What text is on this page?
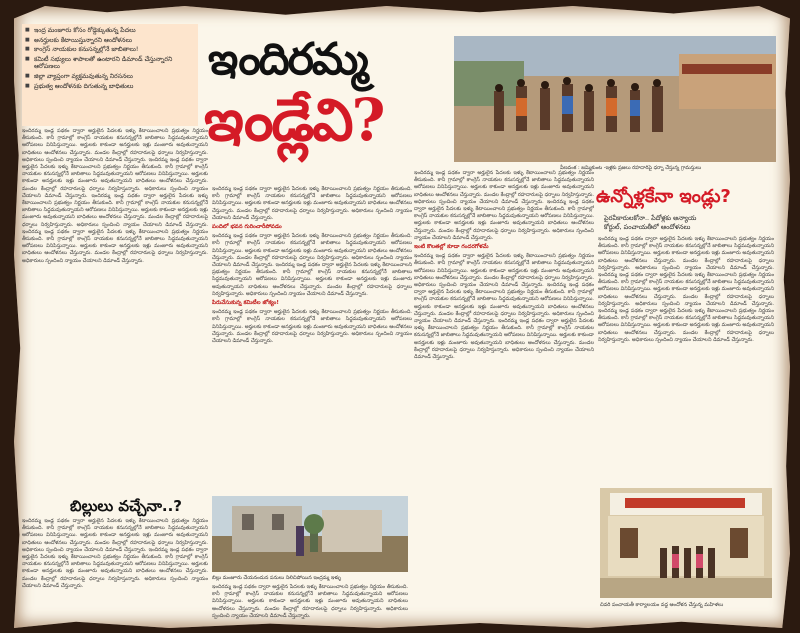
■ ఇంద్ర మంజూరు కోసం రోడ్డెక్కుతున్న పేదలు
■ అనర్హులకు కేటాయిస్తున్నారని ఆందోళనలు
■ కాంగ్రెస్ నాయకుల కనుసన్నల్లోనే జాబితాలు!
■ కమిటీ సభ్యులు శాపాలతో ఉంటారని డిమాండ్ చేస్తున్నారని ఆరోపణలు
■ జిల్లా వ్యాప్తంగా వ్యక్తమవుతున్న నిరసనలు
■ ప్రభుత్వ ఆందోళనకు దిగుతున్న బాధితులు
ఇందిరమ్మ
ఇండ్లేవి?
వీణవంక : జమ్మికుంట -ఇళ్లకు ప్రజలు రహదారిపై ధర్నా చేస్తున్న గ్రామస్తులు
ఉన్నోళ్లకేనా ఇండ్లు?
పైరవీకారులకోనా.. పేదోళ్లకు అన్యాయ
కోర్టుల్, పంచాయతీలో ఆందోళనలు
ఇందిరమ్మ ఇండ్ల పథకం ద్వారా అర్హులైన పేదలకు ఇళ్ళు కేటాయించాలని ప్రభుత్వం నిర్ణయం తీసుకుంది. కానీ గ్రామాల్లో కాంగ్రెస్ నాయకుల కనుసన్నల్లోనే జాబితాలు సిద్ధమవుతున్నాయని ఆరోపణలు వినిపిస్తున్నాయి. అర్హులకు కాకుండా అనర్హులకు ఇళ్లు మంజూరు అవుతున్నాయని బాధితులు ఆందోళనలు చేస్తున్నారు. మండల కేంద్రాల్లో రహదారులపై ధర్నాలు నిర్వహిస్తున్నారు. అధికారులు స్పందించి న్యాయం చేయాలని డిమాండ్ చేస్తున్నారు. ఇందిరమ్మ ఇండ్ల పథకం ద్వారా అర్హులైన పేదలకు ఇళ్ళు కేటాయించాలని ప్రభుత్వం నిర్ణయం తీసుకుంది. కానీ గ్రామాల్లో కాంగ్రెస్ నాయకుల కనుసన్నల్లోనే జాబితాలు సిద్ధమవుతున్నాయని ఆరోపణలు వినిపిస్తున్నాయి. అర్హులకు కాకుండా అనర్హులకు ఇళ్లు మంజూరు అవుతున్నాయని బాధితులు ఆందోళనలు చేస్తున్నారు. మండల కేంద్రాల్లో రహదారులపై ధర్నాలు నిర్వహిస్తున్నారు. అధికారులు స్పందించి న్యాయం చేయాలని డిమాండ్ చేస్తున్నారు. ఇందిరమ్మ ఇండ్ల పథకం ద్వారా అర్హులైన పేదలకు ఇళ్ళు కేటాయించాలని ప్రభుత్వం నిర్ణయం తీసుకుంది. కానీ గ్రామాల్లో కాంగ్రెస్ నాయకుల కనుసన్నల్లోనే జాబితాలు సిద్ధమవుతున్నాయని ఆరోపణలు వినిపిస్తున్నాయి. అర్హులకు కాకుండా అనర్హులకు ఇళ్లు మంజూరు అవుతున్నాయని బాధితులు ఆందోళనలు చేస్తున్నారు. మండల కేంద్రాల్లో రహదారులపై ధర్నాలు నిర్వహిస్తున్నారు. అధికారులు స్పందించి న్యాయం చేయాలని డిమాండ్ చేస్తున్నారు. ఇందిరమ్మ ఇండ్ల పథకం ద్వారా అర్హులైన పేదలకు ఇళ్ళు కేటాయించాలని ప్రభుత్వం నిర్ణయం తీసుకుంది. కానీ గ్రామాల్లో కాంగ్రెస్ నాయకుల కనుసన్నల్లోనే జాబితాలు సిద్ధమవుతున్నాయని ఆరోపణలు వినిపిస్తున్నాయి. అర్హులకు కాకుండా అనర్హులకు ఇళ్లు మంజూరు అవుతున్నాయని బాధితులు ఆందోళనలు చేస్తున్నారు. మండల కేంద్రాల్లో రహదారులపై ధర్నాలు నిర్వహిస్తున్నారు. అధికారులు స్పందించి న్యాయం చేయాలని డిమాండ్ చేస్తున్నారు.
ఇందిరమ్మ ఇండ్ల పథకం ద్వారా అర్హులైన పేదలకు ఇళ్ళు కేటాయించాలని ప్రభుత్వం నిర్ణయం తీసుకుంది. కానీ గ్రామాల్లో కాంగ్రెస్ నాయకుల కనుసన్నల్లోనే జాబితాలు సిద్ధమవుతున్నాయని ఆరోపణలు వినిపిస్తున్నాయి. అర్హులకు కాకుండా అనర్హులకు ఇళ్లు మంజూరు అవుతున్నాయని బాధితులు ఆందోళనలు చేస్తున్నారు. మండల కేంద్రాల్లో రహదారులపై ధర్నాలు నిర్వహిస్తున్నారు. అధికారులు స్పందించి న్యాయం చేయాలని డిమాండ్ చేస్తున్నారు.
పందిలో భవన గురించారీపోవడం
ఇందిరమ్మ ఇండ్ల పథకం ద్వారా అర్హులైన పేదలకు ఇళ్ళు కేటాయించాలని ప్రభుత్వం నిర్ణయం తీసుకుంది. కానీ గ్రామాల్లో కాంగ్రెస్ నాయకుల కనుసన్నల్లోనే జాబితాలు సిద్ధమవుతున్నాయని ఆరోపణలు వినిపిస్తున్నాయి. అర్హులకు కాకుండా అనర్హులకు ఇళ్లు మంజూరు అవుతున్నాయని బాధితులు ఆందోళనలు చేస్తున్నారు. మండల కేంద్రాల్లో రహదారులపై ధర్నాలు నిర్వహిస్తున్నారు. అధికారులు స్పందించి న్యాయం చేయాలని డిమాండ్ చేస్తున్నారు. ఇందిరమ్మ ఇండ్ల పథకం ద్వారా అర్హులైన పేదలకు ఇళ్ళు కేటాయించాలని ప్రభుత్వం నిర్ణయం తీసుకుంది. కానీ గ్రామాల్లో కాంగ్రెస్ నాయకుల కనుసన్నల్లోనే జాబితాలు సిద్ధమవుతున్నాయని ఆరోపణలు వినిపిస్తున్నాయి. అర్హులకు కాకుండా అనర్హులకు ఇళ్లు మంజూరు అవుతున్నాయని బాధితులు ఆందోళనలు చేస్తున్నారు. మండల కేంద్రాల్లో రహదారులపై ధర్నాలు నిర్వహిస్తున్నారు. అధికారులు స్పందించి న్యాయం చేయాలని డిమాండ్ చేస్తున్నారు.
పిరువేసుకున్న కమిటీల జోక్యం!
ఇందిరమ్మ ఇండ్ల పథకం ద్వారా అర్హులైన పేదలకు ఇళ్ళు కేటాయించాలని ప్రభుత్వం నిర్ణయం తీసుకుంది. కానీ గ్రామాల్లో కాంగ్రెస్ నాయకుల కనుసన్నల్లోనే జాబితాలు సిద్ధమవుతున్నాయని ఆరోపణలు వినిపిస్తున్నాయి. అర్హులకు కాకుండా అనర్హులకు ఇళ్లు మంజూరు అవుతున్నాయని బాధితులు ఆందోళనలు చేస్తున్నారు. మండల కేంద్రాల్లో రహదారులపై ధర్నాలు నిర్వహిస్తున్నారు. అధికారులు స్పందించి న్యాయం చేయాలని డిమాండ్ చేస్తున్నారు.
ఇందిరమ్మ ఇండ్ల పథకం ద్వారా అర్హులైన పేదలకు ఇళ్ళు కేటాయించాలని ప్రభుత్వం నిర్ణయం తీసుకుంది. కానీ గ్రామాల్లో కాంగ్రెస్ నాయకుల కనుసన్నల్లోనే జాబితాలు సిద్ధమవుతున్నాయని ఆరోపణలు వినిపిస్తున్నాయి. అర్హులకు కాకుండా అనర్హులకు ఇళ్లు మంజూరు అవుతున్నాయని బాధితులు ఆందోళనలు చేస్తున్నారు. మండల కేంద్రాల్లో రహదారులపై ధర్నాలు నిర్వహిస్తున్నారు. అధికారులు స్పందించి న్యాయం చేయాలని డిమాండ్ చేస్తున్నారు. ఇందిరమ్మ ఇండ్ల పథకం ద్వారా అర్హులైన పేదలకు ఇళ్ళు కేటాయించాలని ప్రభుత్వం నిర్ణయం తీసుకుంది. కానీ గ్రామాల్లో కాంగ్రెస్ నాయకుల కనుసన్నల్లోనే జాబితాలు సిద్ధమవుతున్నాయని ఆరోపణలు వినిపిస్తున్నాయి. అర్హులకు కాకుండా అనర్హులకు ఇళ్లు మంజూరు అవుతున్నాయని బాధితులు ఆందోళనలు చేస్తున్నారు. మండల కేంద్రాల్లో రహదారులపై ధర్నాలు నిర్వహిస్తున్నారు. అధికారులు స్పందించి న్యాయం చేయాలని డిమాండ్ చేస్తున్నారు.
ఇంటి కొలతల్లో కూడా గందరగోళమే
ఇందిరమ్మ ఇండ్ల పథకం ద్వారా అర్హులైన పేదలకు ఇళ్ళు కేటాయించాలని ప్రభుత్వం నిర్ణయం తీసుకుంది. కానీ గ్రామాల్లో కాంగ్రెస్ నాయకుల కనుసన్నల్లోనే జాబితాలు సిద్ధమవుతున్నాయని ఆరోపణలు వినిపిస్తున్నాయి. అర్హులకు కాకుండా అనర్హులకు ఇళ్లు మంజూరు అవుతున్నాయని బాధితులు ఆందోళనలు చేస్తున్నారు. మండల కేంద్రాల్లో రహదారులపై ధర్నాలు నిర్వహిస్తున్నారు. అధికారులు స్పందించి న్యాయం చేయాలని డిమాండ్ చేస్తున్నారు. ఇందిరమ్మ ఇండ్ల పథకం ద్వారా అర్హులైన పేదలకు ఇళ్ళు కేటాయించాలని ప్రభుత్వం నిర్ణయం తీసుకుంది. కానీ గ్రామాల్లో కాంగ్రెస్ నాయకుల కనుసన్నల్లోనే జాబితాలు సిద్ధమవుతున్నాయని ఆరోపణలు వినిపిస్తున్నాయి. అర్హులకు కాకుండా అనర్హులకు ఇళ్లు మంజూరు అవుతున్నాయని బాధితులు ఆందోళనలు చేస్తున్నారు. మండల కేంద్రాల్లో రహదారులపై ధర్నాలు నిర్వహిస్తున్నారు. అధికారులు స్పందించి న్యాయం చేయాలని డిమాండ్ చేస్తున్నారు. ఇందిరమ్మ ఇండ్ల పథకం ద్వారా అర్హులైన పేదలకు ఇళ్ళు కేటాయించాలని ప్రభుత్వం నిర్ణయం తీసుకుంది. కానీ గ్రామాల్లో కాంగ్రెస్ నాయకుల కనుసన్నల్లోనే జాబితాలు సిద్ధమవుతున్నాయని ఆరోపణలు వినిపిస్తున్నాయి. అర్హులకు కాకుండా అనర్హులకు ఇళ్లు మంజూరు అవుతున్నాయని బాధితులు ఆందోళనలు చేస్తున్నారు. మండల కేంద్రాల్లో రహదారులపై ధర్నాలు నిర్వహిస్తున్నారు. అధికారులు స్పందించి న్యాయం చేయాలని డిమాండ్ చేస్తున్నారు.
ఇందిరమ్మ ఇండ్ల పథకం ద్వారా అర్హులైన పేదలకు ఇళ్ళు కేటాయించాలని ప్రభుత్వం నిర్ణయం తీసుకుంది. కానీ గ్రామాల్లో కాంగ్రెస్ నాయకుల కనుసన్నల్లోనే జాబితాలు సిద్ధమవుతున్నాయని ఆరోపణలు వినిపిస్తున్నాయి. అర్హులకు కాకుండా అనర్హులకు ఇళ్లు మంజూరు అవుతున్నాయని బాధితులు ఆందోళనలు చేస్తున్నారు. మండల కేంద్రాల్లో రహదారులపై ధర్నాలు నిర్వహిస్తున్నారు. అధికారులు స్పందించి న్యాయం చేయాలని డిమాండ్ చేస్తున్నారు. ఇందిరమ్మ ఇండ్ల పథకం ద్వారా అర్హులైన పేదలకు ఇళ్ళు కేటాయించాలని ప్రభుత్వం నిర్ణయం తీసుకుంది. కానీ గ్రామాల్లో కాంగ్రెస్ నాయకుల కనుసన్నల్లోనే జాబితాలు సిద్ధమవుతున్నాయని ఆరోపణలు వినిపిస్తున్నాయి. అర్హులకు కాకుండా అనర్హులకు ఇళ్లు మంజూరు అవుతున్నాయని బాధితులు ఆందోళనలు చేస్తున్నారు. మండల కేంద్రాల్లో రహదారులపై ధర్నాలు నిర్వహిస్తున్నారు. అధికారులు స్పందించి న్యాయం చేయాలని డిమాండ్ చేస్తున్నారు. ఇందిరమ్మ ఇండ్ల పథకం ద్వారా అర్హులైన పేదలకు ఇళ్ళు కేటాయించాలని ప్రభుత్వం నిర్ణయం తీసుకుంది. కానీ గ్రామాల్లో కాంగ్రెస్ నాయకుల కనుసన్నల్లోనే జాబితాలు సిద్ధమవుతున్నాయని ఆరోపణలు వినిపిస్తున్నాయి. అర్హులకు కాకుండా అనర్హులకు ఇళ్లు మంజూరు అవుతున్నాయని బాధితులు ఆందోళనలు చేస్తున్నారు. మండల కేంద్రాల్లో రహదారులపై ధర్నాలు నిర్వహిస్తున్నారు. అధికారులు స్పందించి న్యాయం చేయాలని డిమాండ్ చేస్తున్నారు.
చివరి పంచాయతీ కార్యాలయం వద్ద ఆందోళన చేస్తున్న మహిళలు
బిల్లులు వచ్చేనా..?
ఇందిరమ్మ ఇండ్ల పథకం ద్వారా అర్హులైన పేదలకు ఇళ్ళు కేటాయించాలని ప్రభుత్వం నిర్ణయం తీసుకుంది. కానీ గ్రామాల్లో కాంగ్రెస్ నాయకుల కనుసన్నల్లోనే జాబితాలు సిద్ధమవుతున్నాయని ఆరోపణలు వినిపిస్తున్నాయి. అర్హులకు కాకుండా అనర్హులకు ఇళ్లు మంజూరు అవుతున్నాయని బాధితులు ఆందోళనలు చేస్తున్నారు. మండల కేంద్రాల్లో రహదారులపై ధర్నాలు నిర్వహిస్తున్నారు. అధికారులు స్పందించి న్యాయం చేయాలని డిమాండ్ చేస్తున్నారు. ఇందిరమ్మ ఇండ్ల పథకం ద్వారా అర్హులైన పేదలకు ఇళ్ళు కేటాయించాలని ప్రభుత్వం నిర్ణయం తీసుకుంది. కానీ గ్రామాల్లో కాంగ్రెస్ నాయకుల కనుసన్నల్లోనే జాబితాలు సిద్ధమవుతున్నాయని ఆరోపణలు వినిపిస్తున్నాయి. అర్హులకు కాకుండా అనర్హులకు ఇళ్లు మంజూరు అవుతున్నాయని బాధితులు ఆందోళనలు చేస్తున్నారు. మండల కేంద్రాల్లో రహదారులపై ధర్నాలు నిర్వహిస్తున్నారు. అధికారులు స్పందించి న్యాయం చేయాలని డిమాండ్ చేస్తున్నారు.
బిల్లు మంజూరు చేయనందున పనులు నిలిచిపోయిన ఇంద్రమ్మ ఇళ్ళు
ఇందిరమ్మ ఇండ్ల పథకం ద్వారా అర్హులైన పేదలకు ఇళ్ళు కేటాయించాలని ప్రభుత్వం నిర్ణయం తీసుకుంది. కానీ గ్రామాల్లో కాంగ్రెస్ నాయకుల కనుసన్నల్లోనే జాబితాలు సిద్ధమవుతున్నాయని ఆరోపణలు వినిపిస్తున్నాయి. అర్హులకు కాకుండా అనర్హులకు ఇళ్లు మంజూరు అవుతున్నాయని బాధితులు ఆందోళనలు చేస్తున్నారు. మండల కేంద్రాల్లో రహదారులపై ధర్నాలు నిర్వహిస్తున్నారు. అధికారులు స్పందించి న్యాయం చేయాలని డిమాండ్ చేస్తున్నారు.
